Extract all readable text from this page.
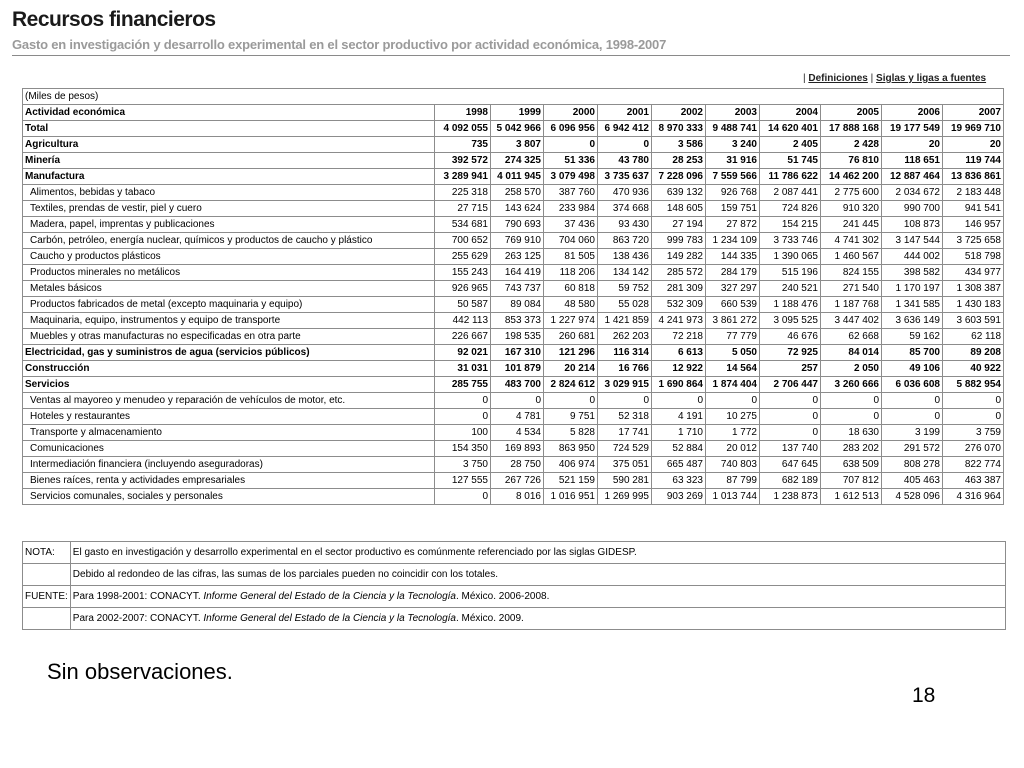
Recursos financieros
Gasto en investigación y desarrollo experimental en el sector productivo por actividad económica, 1998-2007
| Definiciones | Siglas y ligas a fuentes
(Miles de pesos)										
Actividad económica	1998	1999	2000	2001	2002	2003	2004	2005	2006	2007
Total	4 092 055	5 042 966	6 096 956	6 942 412	8 970 333	9 488 741	14 620 401	17 888 168	19 177 549	19 969 710
Agricultura	735	3 807	0	0	3 586	3 240	2 405	2 428	20	20
Minería	392 572	274 325	51 336	43 780	28 253	31 916	51 745	76 810	118 651	119 744
Manufactura	3 289 941	4 011 945	3 079 498	3 735 637	7 228 096	7 559 566	11 786 622	14 462 200	12 887 464	13 836 861
Alimentos, bebidas y tabaco	225 318	258 570	387 760	470 936	639 132	926 768	2 087 441	2 775 600	2 034 672	2 183 448
Textiles, prendas de vestir, piel y cuero	27 715	143 624	233 984	374 668	148 605	159 751	724 826	910 320	990 700	941 541
Madera, papel, imprentas y publicaciones	534 681	790 693	37 436	93 430	27 194	27 872	154 215	241 445	108 873	146 957
Carbón, petróleo, energía nuclear, químicos y productos de caucho y plástico	700 652	769 910	704 060	863 720	999 783	1 234 109	3 733 746	4 741 302	3 147 544	3 725 658
Caucho y productos plásticos	255 629	263 125	81 505	138 436	149 282	144 335	1 390 065	1 460 567	444 002	518 798
Productos minerales no metálicos	155 243	164 419	118 206	134 142	285 572	284 179	515 196	824 155	398 582	434 977
Metales básicos	926 965	743 737	60 818	59 752	281 309	327 297	240 521	271 540	1 170 197	1 308 387
Productos fabricados de metal (excepto maquinaria y equipo)	50 587	89 084	48 580	55 028	532 309	660 539	1 188 476	1 187 768	1 341 585	1 430 183
Maquinaria, equipo, instrumentos y equipo de transporte	442 113	853 373	1 227 974	1 421 859	4 241 973	3 861 272	3 095 525	3 447 402	3 636 149	3 603 591
Muebles y otras manufacturas no especificadas en otra parte	226 667	198 535	260 681	262 203	72 218	77 779	46 676	62 668	59 162	62 118
Electricidad, gas y suministros de agua (servicios públicos)	92 021	167 310	121 296	116 314	6 613	5 050	72 925	84 014	85 700	89 208
Construcción	31 031	101 879	20 214	16 766	12 922	14 564	257	2 050	49 106	40 922
Servicios	285 755	483 700	2 824 612	3 029 915	1 690 864	1 874 404	2 706 447	3 260 666	6 036 608	5 882 954
Ventas al mayoreo y menudeo y reparación de vehículos de motor, etc.	0	0	0	0	0	0	0	0	0	0
Hoteles y restaurantes	0	4 781	9 751	52 318	4 191	10 275	0	0	0	0
Transporte y almacenamiento	100	4 534	5 828	17 741	1 710	1 772	0	18 630	3 199	3 759
Comunicaciones	154 350	169 893	863 950	724 529	52 884	20 012	137 740	283 202	291 572	276 070
Intermediación financiera (incluyendo aseguradoras)	3 750	28 750	406 974	375 051	665 487	740 803	647 645	638 509	808 278	822 774
Bienes raíces, renta y actividades empresariales	127 555	267 726	521 159	590 281	63 323	87 799	682 189	707 812	405 463	463 387
Servicios comunales, sociales y personales	0	8 016	1 016 951	1 269 995	903 269	1 013 744	1 238 873	1 612 513	4 528 096	4 316 964
NOTA:	El gasto en investigación y desarrollo experimental en el sector productivo es comúnmente referenciado por las siglas GIDESP.
	Debido al redondeo de las cifras, las sumas de los parciales pueden no coincidir con los totales.
FUENTE:	Para 1998-2001: CONACYT. Informe General del Estado de la Ciencia y la Tecnología. México. 2006-2008.
	Para 2002-2007: CONACYT. Informe General del Estado de la Ciencia y la Tecnología. México. 2009.
Sin observaciones.
18
